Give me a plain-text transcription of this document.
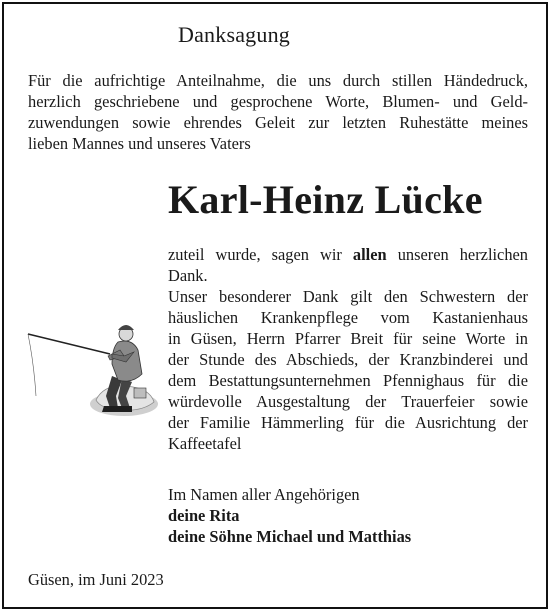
Danksagung
Für die aufrichtige Anteilnahme, die uns durch stillen Händedruck,
herzlich geschriebene und gesprochene Worte, Blumen- und Geld-
zuwendungen sowie ehrendes Geleit zur letzten Ruhestätte meines
lieben Mannes und unseres Vaters
Karl-Heinz Lücke
zuteil wurde, sagen wir allen unseren herzlichen
Dank.
Unser besonderer Dank gilt den Schwestern der
häuslichen Krankenpflege vom Kastanienhaus
in Güsen, Herrn Pfarrer Breit für seine Worte in
der Stunde des Abschieds, der Kranzbinderei und
dem Bestattungsunternehmen Pfennighaus für die
würdevolle Ausgestaltung der Trauerfeier sowie
der Familie Hämmerling für die Ausrichtung der
Kaffeetafel
Im Namen aller Angehörigen
deine Rita
deine Söhne Michael und Matthias
Güsen, im Juni 2023
